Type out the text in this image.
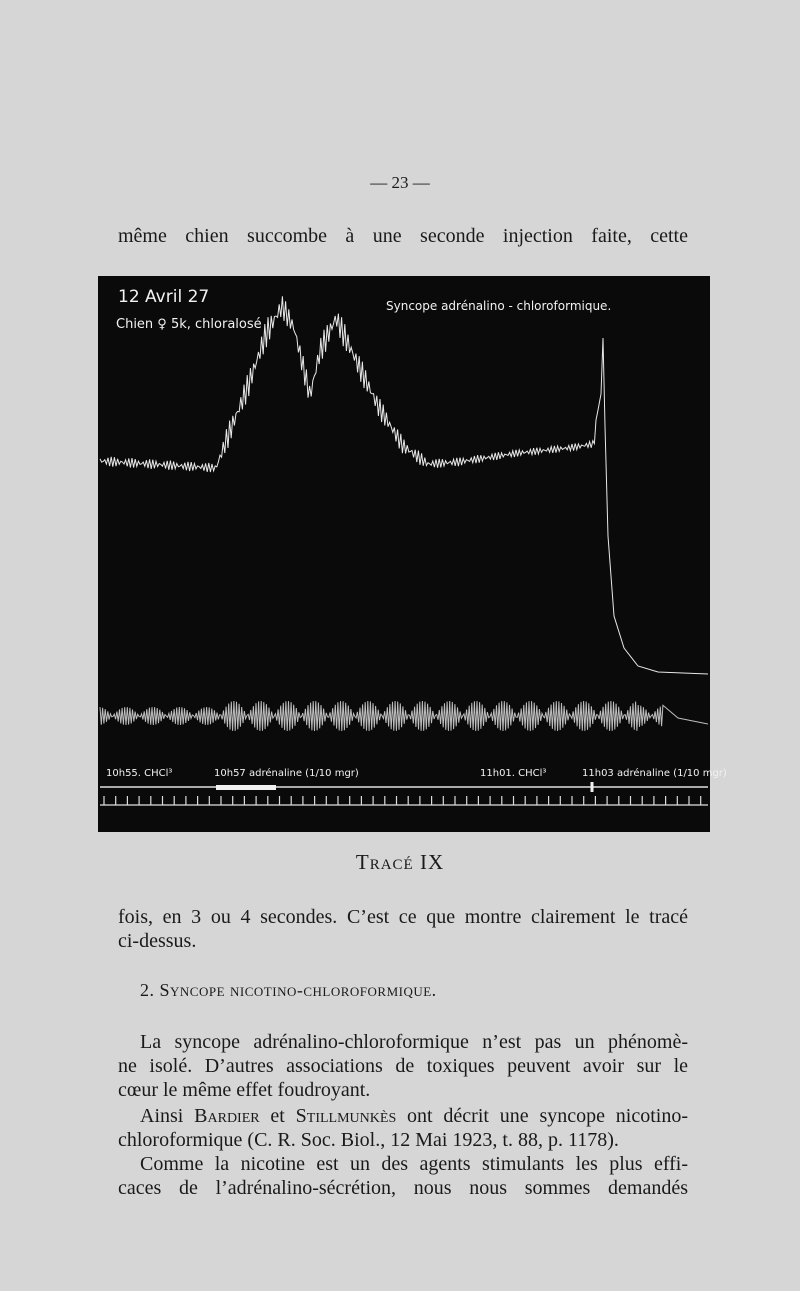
— 23 —
même chien succombe à une seconde injection faite, cette
12 Avril 27
Chien ♀ 5k, chloralosé
Syncope adrénalino - chloroformique.
10h55. CHCl³	10h57 adrénaline (1/10 mgr)	11h01. CHCl³	11h03 adrénaline (1/10 mgr)
Tracé IX
fois, en 3 ou 4 secondes. C’est ce que montre clairement le tracé
ci-dessus.
2. Syncope nicotino-chloroformique.
La syncope adrénalino-chloroformique n’est pas un phénomè-
ne isolé. D’autres associations de toxiques peuvent avoir sur le
cœur le même effet foudroyant.
Ainsi Bardier et Stillmunkès ont décrit une syncope nicotino-
chloroformique (C. R. Soc. Biol., 12 Mai 1923, t. 88, p. 1178).
Comme la nicotine est un des agents stimulants les plus effi-
caces de l’adrénalino-sécrétion, nous nous sommes demandés
